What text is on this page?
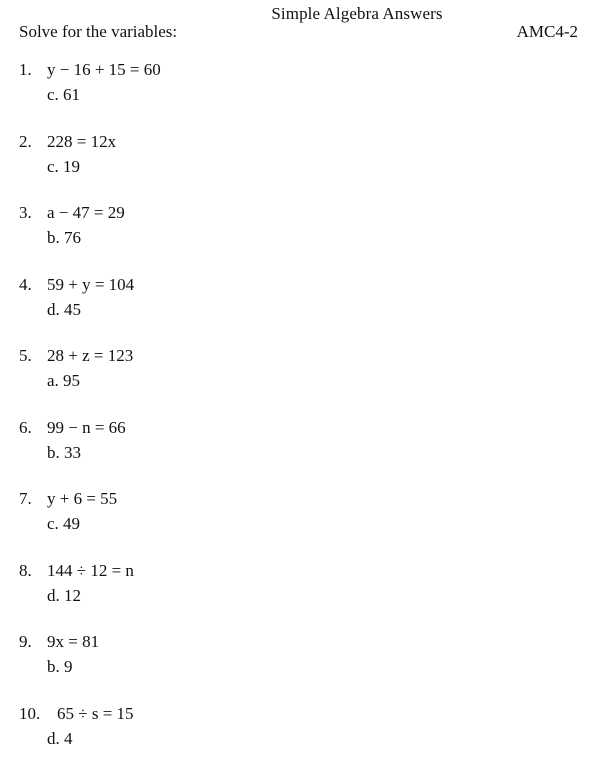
Simple Algebra Answers
Solve for the variables:	AMC4-2
1. y − 16 + 15 = 60
c. 61
2. 228 = 12x
c. 19
3. a − 47 = 29
b. 76
4. 59 + y = 104
d. 45
5. 28 + z = 123
a. 95
6. 99 − n = 66
b. 33
7. y + 6 = 55
c. 49
8. 144 ÷ 12 = n
d. 12
9. 9x = 81
b. 9
10. 65 ÷ s = 15
d. 4
